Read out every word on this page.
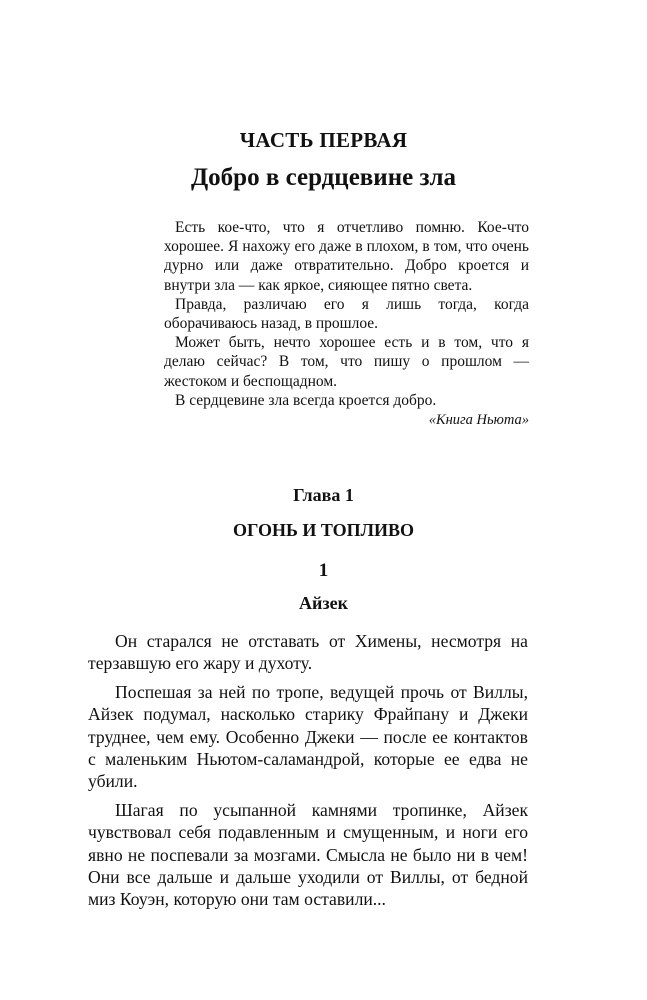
ЧАСТЬ ПЕРВАЯ
Добро в сердцевине зла

Есть кое-что, что я отчетливо помню. Кое-что хорошее. Я нахожу его даже в плохом, в том, что очень дурно или даже отвратительно. Добро кроется и внутри зла — как яркое, сияющее пятно света.

Правда, различаю его я лишь тогда, когда оборачиваюсь назад, в прошлое.

Может быть, нечто хорошее есть и в том, что я делаю сейчас? В том, что пишу о прошлом — жестоком и беспощадном.

В сердцевине зла всегда кроется добро.

«Книга Ньюта»

Глава 1
ОГОНЬ И ТОПЛИВО
1
Айзек

Он старался не отставать от Химены, несмотря на терзавшую его жару и духоту.

Поспешая за ней по тропе, ведущей прочь от Виллы, Айзек подумал, насколько старику Фрайпану и Джеки труднее, чем ему. Особенно Джеки — после ее контактов с маленьким Ньютом-саламандрой, которые ее едва не убили.

Шагая по усыпанной камнями тропинке, Айзек чувствовал себя подавленным и смущенным, и ноги его явно не поспевали за мозгами. Смысла не было ни в чем! Они все дальше и дальше уходили от Виллы, от бедной миз Коуэн, которую они там оставили...
